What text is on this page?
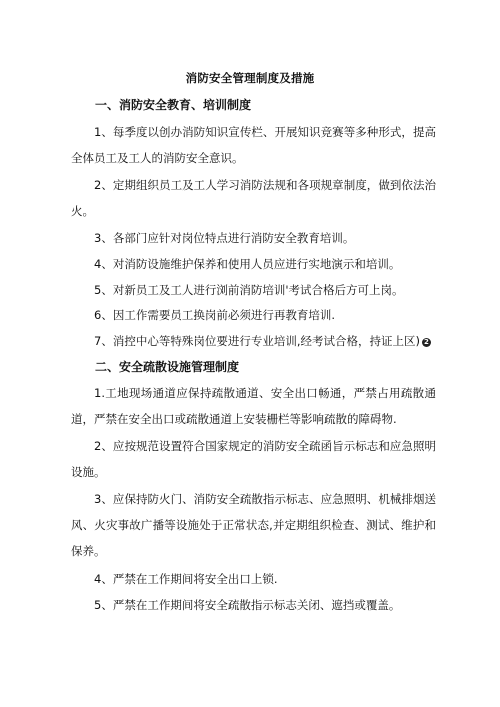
消防安全管理制度及措施
一、消防安全教育、培训制度
1、每季度以创办消防知识宣传栏、开展知识竞赛等多种形式，提高全体员工及工人的消防安全意识。
2、定期组织员工及工人学习消防法规和各项规章制度，做到依法治火。
3、各部门应针对岗位特点进行消防安全教育培训。
4、对消防设施维护保养和使用人员应进行实地演示和培训。
5、对新员工及工人进行浏前消防培训'考试合格后方可上岗。
6、因工作需要员工换岗前必须进行再教育培训.
7、消控中心等特殊岗位要进行专业培训,经考试合格，持证上区) 2
二、安全疏散设施管理制度
1.工地现场通道应保持疏散通道、安全出口畅通，严禁占用疏散通道，严禁在安全出口或疏散通道上安装栅栏等影响疏散的障碍物.
2、应按规范设置符合国家规定的消防安全疏函旨示标志和应急照明设施。
3、应保持防火门、消防安全疏散指示标志、应急照明、机械排烟送风、火灾事故广播等设施处于正常状态,并定期组织检查、测试、维护和保养。
4、严禁在工作期间将安全出口上锁.
5、严禁在工作期间将安全疏散指示标志关闭、遮挡或覆盖。
